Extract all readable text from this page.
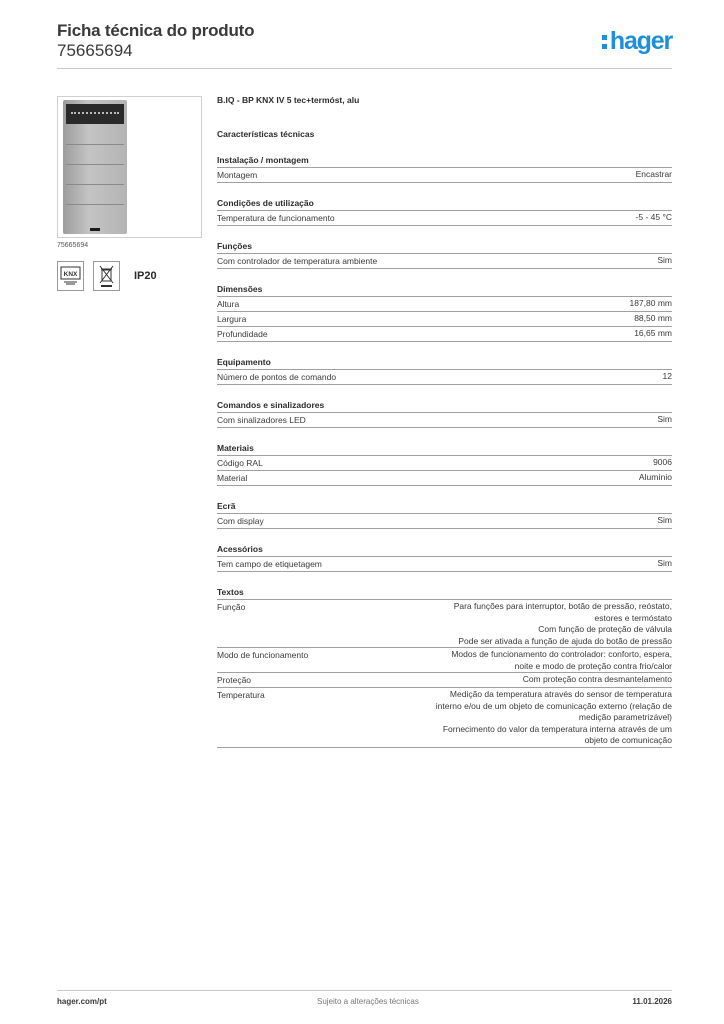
Ficha técnica do produto
75665694	hager
75665694
KNX	IP20
B.IQ - BP KNX IV 5 tec+termóst, alu
Características técnicas
Instalação / montagem
Montagem	Encastrar
Condições de utilização
Temperatura de funcionamento	-5 - 45 °C
Funções
Com controlador de temperatura ambiente	Sim
Dimensões
Altura	187,80 mm
Largura	88,50 mm
Profundidade	16,65 mm
Equipamento
Número de pontos de comando	12
Comandos e sinalizadores
Com sinalizadores LED	Sim
Materiais
Código RAL	9006
Material	Alumínio
Ecrã
Com display	Sim
Acessórios
Tem campo de etiquetagem	Sim
Textos
Função	Para funções para interruptor, botão de pressão, reóstato,
estores e termóstato
Com função de proteção de válvula
Pode ser ativada a função de ajuda do botão de pressão
Modo de funcionamento	Modos de funcionamento do controlador: conforto, espera,
noite e modo de proteção contra frio/calor
Proteção	Com proteção contra desmantelamento
Temperatura	Medição da temperatura através do sensor de temperatura
interno e/ou de um objeto de comunicação externo (relação de
medição parametrizável)
Fornecimento do valor da temperatura interna através de um
objeto de comunicação
hager.com/pt	Sujeito a alterações técnicas	11.01.2026
